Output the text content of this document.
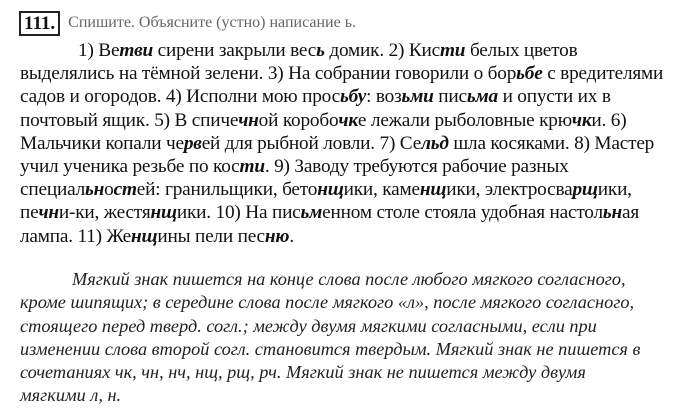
111. Спишите. Объясните (устно) написание ь.

1) Ветви сирени закрыли весь домик. 2) Кисти белых цветов

выделялись на тёмной зелени. 3) На собрании говорили о борьбе с вредителями

садов и огородов. 4) Исполни мою просьбу: возьми письма и опусти их в

почтовый ящик. 5) В спичечной коробочке лежали рыболовные крючки. 6)

Мальчики копали червей для рыбной ловли. 7) Сельд шла косяками. 8) Мастер

учил ученика резьбе по кости. 9) Заводу требуются рабочие разных

специальностей: гранильщики, бетонщики, каменщики, электросварщики,

печни-ки, жестянщики. 10) На письменном столе стояла удобная настольная

лампа. 11) Женщины пели песню.

Мягкий знак пишется на конце слова после любого мягкого согласного,

кроме шипящих; в середине слова после мягкого «л», после мягкого согласного,

стоящего перед тверд. согл.; между двумя мягкими согласными, если при

изменении слова второй согл. становится твердым. Мягкий знак не пишется в

сочетаниях чк, чн, нч, нщ, рщ, рч. Мягкий знак не пишется между двумя

мягкими л, н.
